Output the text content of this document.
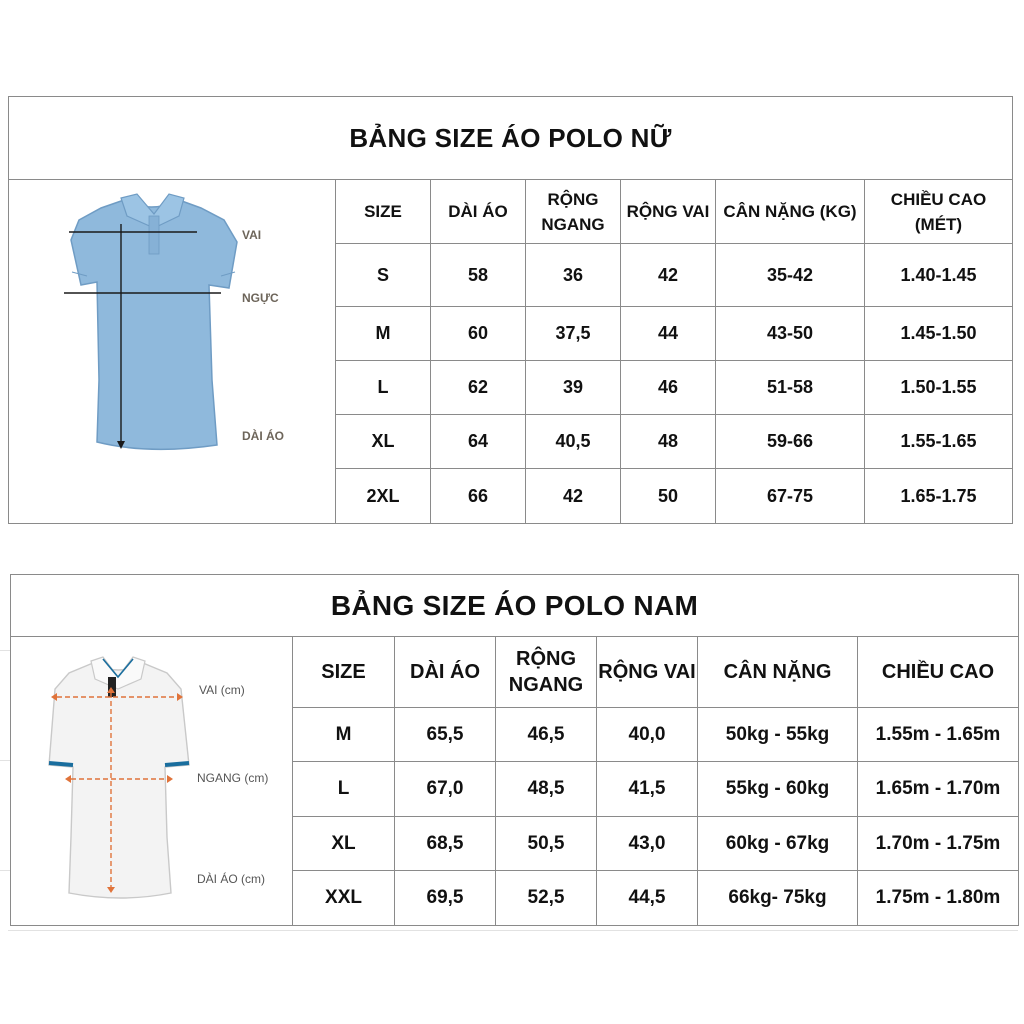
BẢNG SIZE ÁO POLO NỮ
VAI
NGỰC
DÀI ÁO
SIZE	DÀI ÁO	RỘNG NGANG	RỘNG VAI	CÂN NẶNG (KG)	CHIỀU CAO (MÉT)
S	58	36	42	35-42	1.40-1.45
M	60	37,5	44	43-50	1.45-1.50
L	62	39	46	51-58	1.50-1.55
XL	64	40,5	48	59-66	1.55-1.65
2XL	66	42	50	67-75	1.65-1.75
BẢNG SIZE ÁO POLO NAM
VAI (cm)
NGANG (cm)
DÀI ÁO (cm)
SIZE	DÀI ÁO	RỘNG NGANG	RỘNG VAI	CÂN NẶNG	CHIỀU CAO
M	65,5	46,5	40,0	50kg - 55kg	1.55m - 1.65m
L	67,0	48,5	41,5	55kg - 60kg	1.65m - 1.70m
XL	68,5	50,5	43,0	60kg - 67kg	1.70m - 1.75m
XXL	69,5	52,5	44,5	66kg- 75kg	1.75m - 1.80m
